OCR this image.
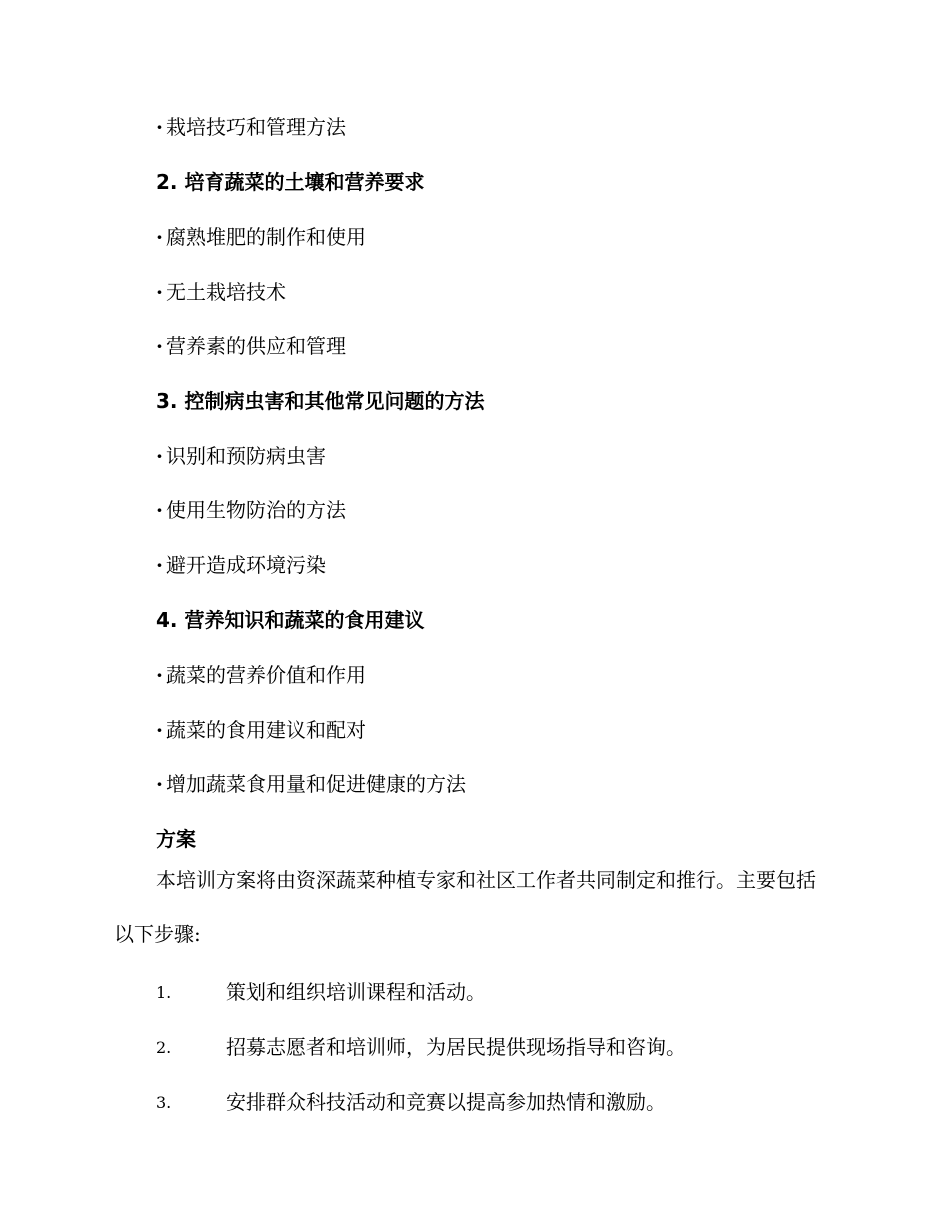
· 栽培技巧和管理方法
2. 培育蔬菜的土壤和营养要求
· 腐熟堆肥的制作和使用
· 无土栽培技术
· 营养素的供应和管理
3. 控制病虫害和其他常见问题的方法
· 识别和预防病虫害
· 使用生物防治的方法
· 避开造成环境污染
4. 营养知识和蔬菜的食用建议
· 蔬菜的营养价值和作用
· 蔬菜的食用建议和配对
· 增加蔬菜食用量和促进健康的方法
方案
本培训方案将由资深蔬菜种植专家和社区工作者共同制定和推行。主要包括以下步骤:
1.	策划和组织培训课程和活动。
2.	招募志愿者和培训师，为居民提供现场指导和咨询。
3.	安排群众科技活动和竞赛以提高参加热情和激励。
